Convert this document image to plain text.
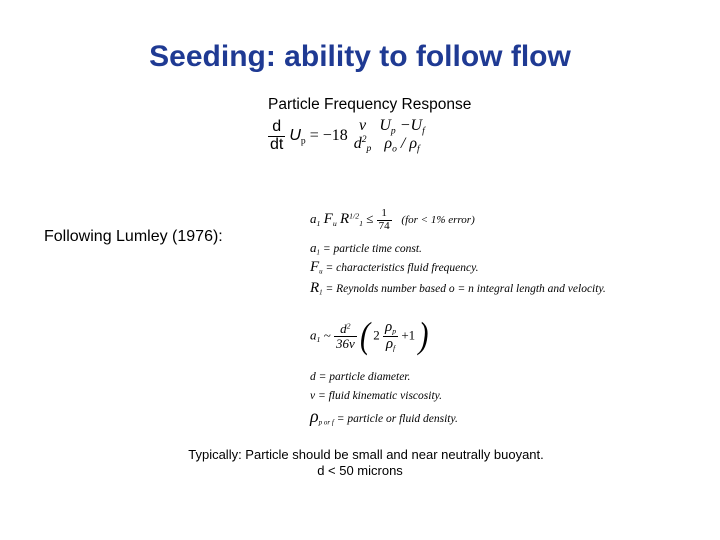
Seeding: ability to follow flow
Particle Frequency Response
$\frac{d}{dt} U_p = -18$
ν
$d^2_p$

$U_p -U_f$
$\rho_o / \rho_f$
Following Lumley (1976):
$a_1$ $F_u$ $R^{1/2}_1 \le \frac{1}{74} (for < 1\%$ error)
$a_1$ = particle time const.
$F_u$ = characteristics fluid frequency.
$R_1$ = Reynolds number based o = n integral length and velocity.
$a_1$ ~ $\frac{d^2}{36\nu}$ ( $2 \frac{\rho_p}{\rho_f} +1$ )
d = particle diameter.
ν = fluid kinematic viscosity.
$\rho_{p or f}$ = particle or fluid density.
Typically: Particle should be small and near neutrally buoyant.
d < 50 microns
